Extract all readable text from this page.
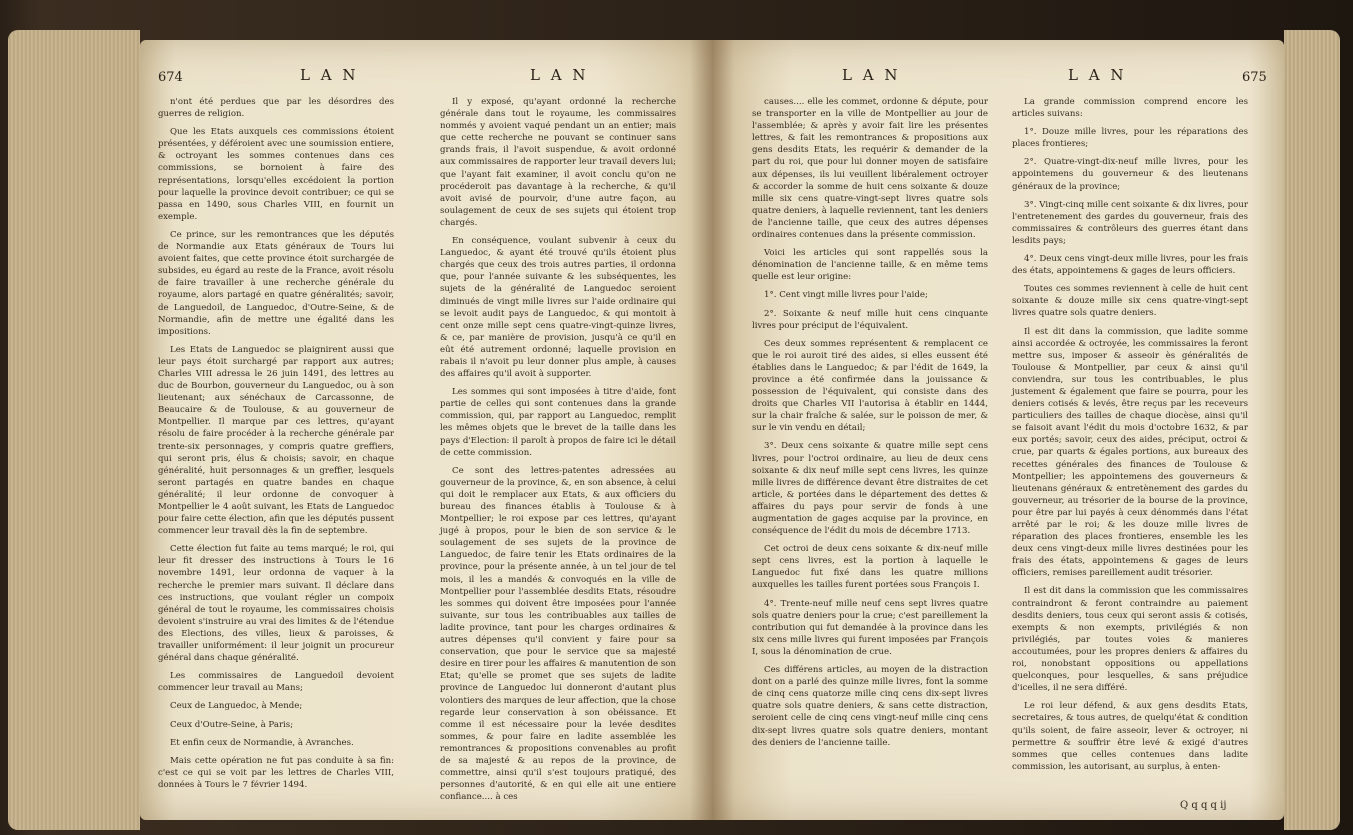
674	L A N	L A N

n'ont été perdues que par les désordres des guerres de religion.

Que les Etats auxquels ces commissions étoient présentées, y déféroient avec une soumission entiere, & octroyant les sommes contenues dans ces commissions, se bornoient à faire des représentations, lorsqu'elles excédoient la portion pour laquelle la province devoit contribuer; ce qui se passa en 1490, sous Charles VIII, en fournit un exemple.

Ce prince, sur les remontrances que les députés de Normandie aux Etats généraux de Tours lui avoient faites, que cette province étoit surchargée de subsides, eu égard au reste de la France, avoit résolu de faire travailler à une recherche générale du royaume, alors partagé en quatre généralités; savoir, de Languedoil, de Languedoc, d'Outre-Seine, & de Normandie, afin de mettre une égalité dans les impositions.

Les Etats de Languedoc se plaignirent aussi que leur pays étoit surchargé par rapport aux autres; Charles VIII adressa le 26 juin 1491, des lettres au duc de Bourbon, gouverneur du Languedoc, ou à son lieutenant; aux sénéchaux de Carcassonne, de Beaucaire & de Toulouse, & au gouverneur de Montpellier. Il marque par ces lettres, qu'ayant résolu de faire procéder à la recherche générale par trente-six personnages, y compris quatre greffiers, qui seront pris, élus & choisis; savoir, en chaque généralité, huit personnages & un greffier, lesquels seront partagés en quatre bandes en chaque généralité; il leur ordonne de convoquer à Montpellier le 4 août suivant, les Etats de Languedoc pour faire cette élection, afin que les députés pussent commencer leur travail dès la fin de septembre.

Cette élection fut faite au tems marqué; le roi, qui leur fit dresser des instructions à Tours le 16 novembre 1491, leur ordonna de vaquer à la recherche le premier mars suivant. Il déclare dans ces instructions, que voulant régler un compoix général de tout le royaume, les commissaires choisis devoient s'instruire au vrai des limites & de l'étendue des Elections, des villes, lieux & paroisses, & travailler uniformément: il leur joignit un procureur général dans chaque généralité.

Les commissaires de Languedoil devoient commencer leur travail au Mans;

Ceux de Languedoc, à Mende;

Ceux d'Outre-Seine, à Paris;

Et enfin ceux de Normandie, à Avranches.

Mais cette opération ne fut pas conduite à sa fin: c'est ce qui se voit par les lettres de Charles VIII, données à Tours le 7 février 1494.

Il y exposé, qu'ayant ordonné la recherche générale dans tout le royaume, les commissaires nommés y avoient vaqué pendant un an entier; mais que cette recherche ne pouvant se continuer sans grands frais, il l'avoit suspendue, & avoit ordonné aux commissaires de rapporter leur travail devers lui; que l'ayant fait examiner, il avoit conclu qu'on ne procéderoit pas davantage à la recherche, & qu'il avoit avisé de pourvoir, d'une autre façon, au soulagement de ceux de ses sujets qui étoient trop chargés.

En conséquence, voulant subvenir à ceux du Languedoc, & ayant été trouvé qu'ils étoient plus chargés que ceux des trois autres parties, il ordonna que, pour l'année suivante & les subséquentes, les sujets de la généralité de Languedoc seroient diminués de vingt mille livres sur l'aide ordinaire qui se levoit audit pays de Languedoc, & qui montoit à cent onze mille sept cens quatre-vingt-quinze livres, & ce, par manière de provision, jusqu'à ce qu'il en eût été autrement ordonné; laquelle provision en rabais il n'avoit pu leur donner plus ample, à causes des affaires qu'il avoit à supporter.

Les sommes qui sont imposées à titre d'aide, font partie de celles qui sont contenues dans la grande commission, qui, par rapport au Languedoc, remplit les mêmes objets que le brevet de la taille dans les pays d'Election: il paroît à propos de faire ici le détail de cette commission.

Ce sont des lettres-patentes adressées au gouverneur de la province, &, en son absence, à celui qui doit le remplacer aux Etats, & aux officiers du bureau des finances établis à Toulouse & à Montpellier; le roi expose par ces lettres, qu'ayant jugé à propos, pour le bien de son service & le soulagement de ses sujets de la province de Languedoc, de faire tenir les Etats ordinaires de la province, pour la présente année, à un tel jour de tel mois, il les a mandés & convoqués en la ville de Montpellier pour l'assemblée desdits Etats, résoudre les sommes qui doivent être imposées pour l'année suivante, sur tous les contribuables aux tailles de ladite province, tant pour les charges ordinaires & autres dépenses qu'il convient y faire pour sa conservation, que pour le service que sa majesté desire en tirer pour les affaires & manutention de son Etat; qu'elle se promet que ses sujets de ladite province de Languedoc lui donneront d'autant plus volontiers des marques de leur affection, que la chose regarde leur conservation à son obéissance. Et comme il est nécessaire pour la levée desdites sommes, & pour faire en ladite assemblée les remontrances & propositions convenables au profit de sa majesté & au repos de la province, de commettre, ainsi qu'il s'est toujours pratiqué, des personnes d'autorité, & en qui elle ait une entiere confiance.... à ces

L A N	L A N	675

causes.... elle les commet, ordonne & députe, pour se transporter en la ville de Montpellier au jour de l'assemblée; & après y avoir fait lire les présentes lettres, & fait les remontrances & propositions aux gens desdits Etats, les requérir & demander de la part du roi, que pour lui donner moyen de satisfaire aux dépenses, ils lui veuillent libéralement octroyer & accorder la somme de huit cens soixante & douze mille six cens quatre-vingt-sept livres quatre sols quatre deniers, à laquelle reviennent, tant les deniers de l'ancienne taille, que ceux des autres dépenses ordinaires contenues dans la présente commission.

Voici les articles qui sont rappellés sous la dénomination de l'ancienne taille, & en même tems quelle est leur origine:

1°. Cent vingt mille livres pour l'aide;

2°. Soixante & neuf mille huit cens cinquante livres pour préciput de l'équivalent.

Ces deux sommes représentent & remplacent ce que le roi auroit tiré des aides, si elles eussent été établies dans le Languedoc; & par l'édit de 1649, la province a été confirmée dans la jouissance & possession de l'équivalent, qui consiste dans des droits que Charles VII l'autorisa à établir en 1444, sur la chair fraîche & salée, sur le poisson de mer, & sur le vin vendu en détail;

3°. Deux cens soixante & quatre mille sept cens livres, pour l'octroi ordinaire, au lieu de deux cens soixante & dix neuf mille sept cens livres, les quinze mille livres de différence devant être distraites de cet article, & portées dans le département des dettes & affaires du pays pour servir de fonds à une augmentation de gages acquise par la province, en conséquence de l'édit du mois de décembre 1713.

Cet octroi de deux cens soixante & dix-neuf mille sept cens livres, est la portion à laquelle le Languedoc fut fixé dans les quatre millions auxquelles les tailles furent portées sous François I.

4°. Trente-neuf mille neuf cens sept livres quatre sols quatre deniers pour la crue; c'est pareillement la contribution qui fut demandée à la province dans les six cens mille livres qui furent imposées par François I, sous la dénomination de crue.

Ces différens articles, au moyen de la distraction dont on a parlé des quinze mille livres, font la somme de cinq cens quatorze mille cinq cens dix-sept livres quatre sols quatre deniers, & sans cette distraction, seroient celle de cinq cens vingt-neuf mille cinq cens dix-sept livres quatre sols quatre deniers, montant des deniers de l'ancienne taille.

La grande commission comprend encore les articles suivans:

1°. Douze mille livres, pour les réparations des places frontieres;

2°. Quatre-vingt-dix-neuf mille livres, pour les appointemens du gouverneur & des lieutenans généraux de la province;

3°. Vingt-cinq mille cent soixante & dix livres, pour l'entretenement des gardes du gouverneur, frais des commissaires & contrôleurs des guerres étant dans lesdits pays;

4°. Deux cens vingt-deux mille livres, pour les frais des états, appointemens & gages de leurs officiers.

Toutes ces sommes reviennent à celle de huit cent soixante & douze mille six cens quatre-vingt-sept livres quatre sols quatre deniers.

Il est dit dans la commission, que ladite somme ainsi accordée & octroyée, les commissaires la feront mettre sus, imposer & asseoir ès généralités de Toulouse & Montpellier, par ceux & ainsi qu'il conviendra, sur tous les contribuables, le plus justement & également que faire se pourra, pour les deniers cotisés & levés, être reçus par les receveurs particuliers des tailles de chaque diocèse, ainsi qu'il se faisoit avant l'édit du mois d'octobre 1632, & par eux portés; savoir, ceux des aides, préciput, octroi & crue, par quarts & égales portions, aux bureaux des recettes générales des finances de Toulouse & Montpellier; les appointemens des gouverneurs & lieutenans généraux & entretènement des gardes du gouverneur, au trésorier de la bourse de la province, pour être par lui payés à ceux dénommés dans l'état arrêté par le roi; & les douze mille livres de réparation des places frontieres, ensemble les les deux cens vingt-deux mille livres destinées pour les frais des états, appointemens & gages de leurs officiers, remises pareillement audit trésorier.

Il est dit dans la commission que les commissaires contraindront & feront contraindre au paiement desdits deniers, tous ceux qui seront assis & cotisés, exempts & non exempts, privilégiés & non privilégiés, par toutes voies & manieres accoutumées, pour les propres deniers & affaires du roi, nonobstant oppositions ou appellations quelconques, pour lesquelles, & sans préjudice d'icelles, il ne sera différé.

Le roi leur défend, & aux gens desdits Etats, secretaires, & tous autres, de quelqu'état & condition qu'ils soient, de faire asseoir, lever & octroyer, ni permettre & souffrir être levé & exigé d'autres sommes que celles contenues dans ladite commission, les autorisant, au surplus, à enten-

Q q q q ij
